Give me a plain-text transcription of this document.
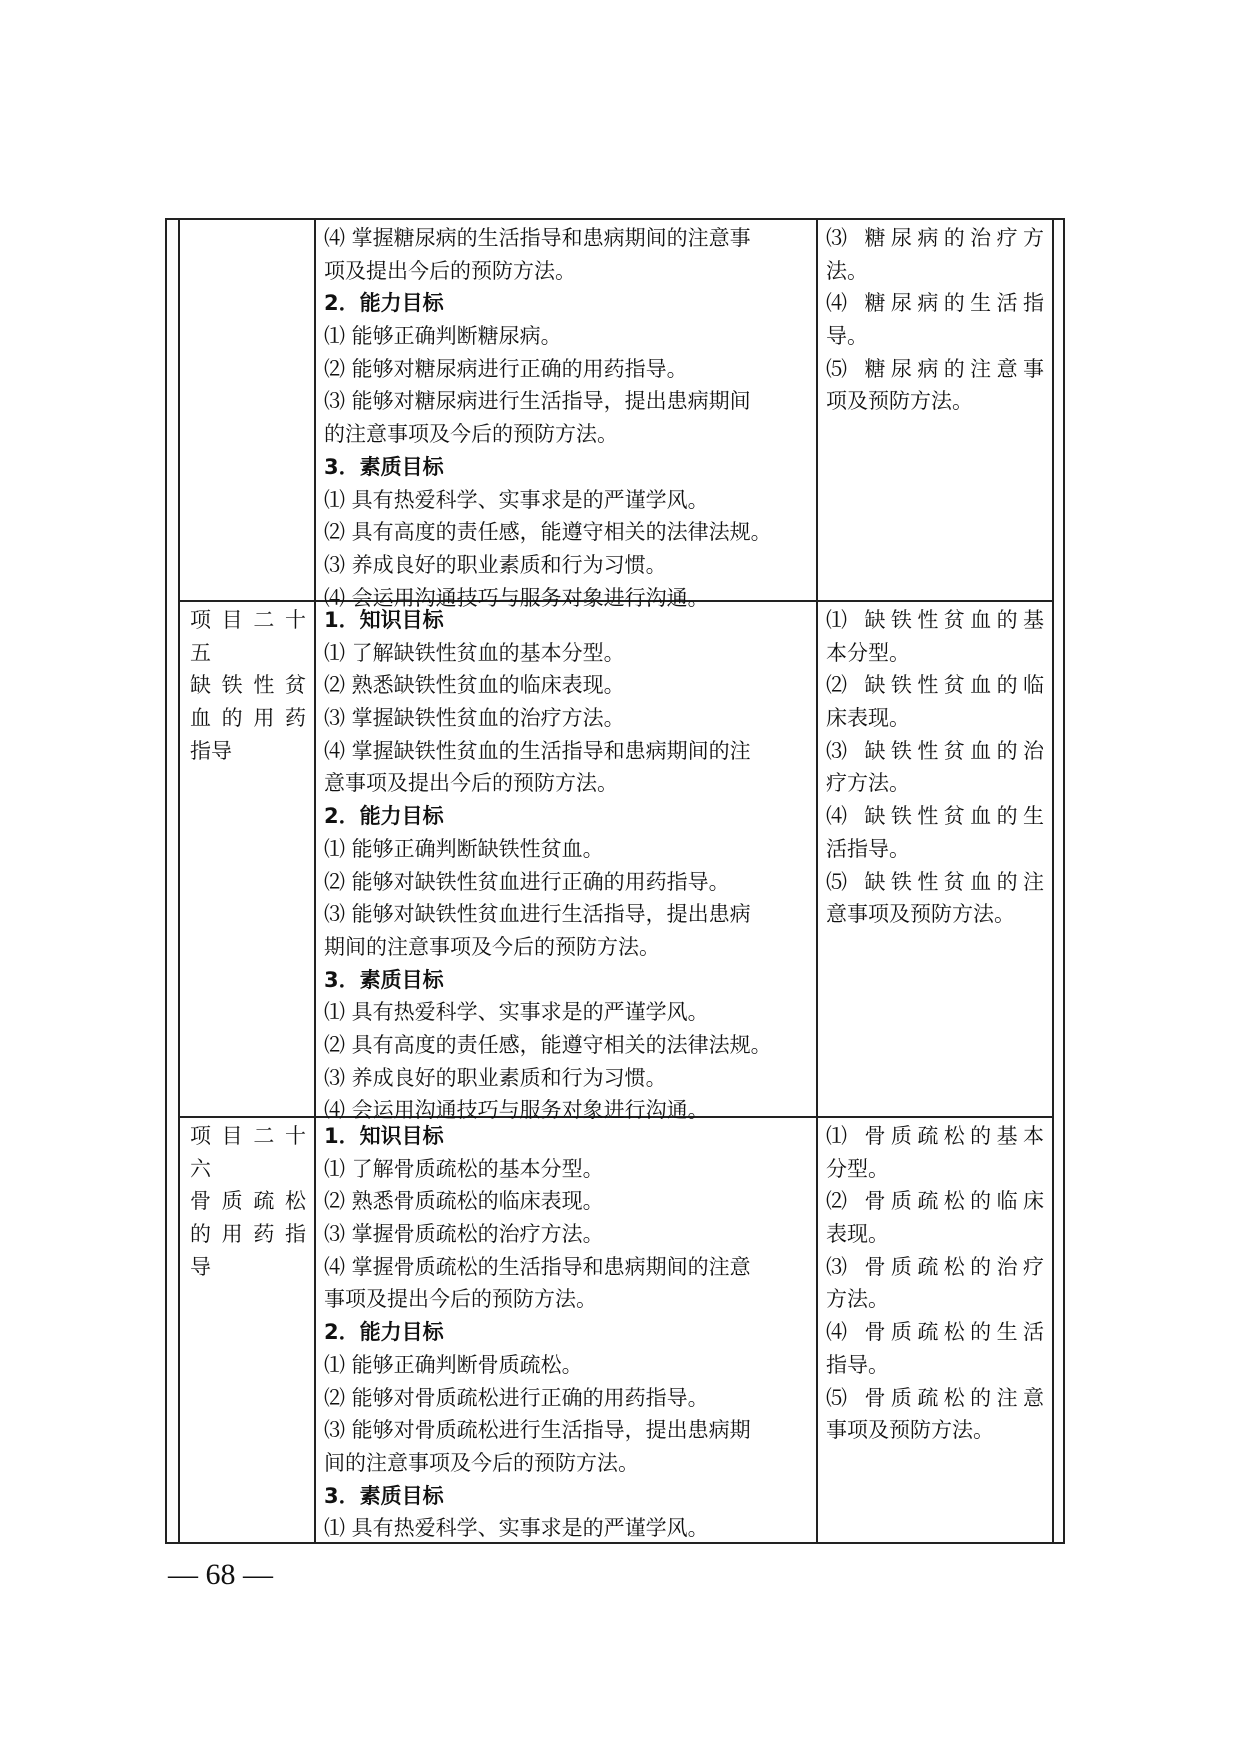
⑷ 掌握糖尿病的生活指导和患病期间的注意事
项及提出今后的预防方法。
2．能力目标
⑴ 能够正确判断糖尿病。
⑵ 能够对糖尿病进行正确的用药指导。
⑶ 能够对糖尿病进行生活指导，提出患病期间
的注意事项及今后的预防方法。
3．素质目标
⑴ 具有热爱科学、实事求是的严谨学风。
⑵ 具有高度的责任感，能遵守相关的法律法规。
⑶ 养成良好的职业素质和行为习惯。
⑷ 会运用沟通技巧与服务对象进行沟通。
⑶ 糖尿病的治疗方
法。
⑷ 糖尿病的生活指
导。
⑸ 糖尿病的注意事
项及预防方法。
项目二十
五
缺铁性贫
血的用药
指导
1．知识目标
⑴ 了解缺铁性贫血的基本分型。
⑵ 熟悉缺铁性贫血的临床表现。
⑶ 掌握缺铁性贫血的治疗方法。
⑷ 掌握缺铁性贫血的生活指导和患病期间的注
意事项及提出今后的预防方法。
2．能力目标
⑴ 能够正确判断缺铁性贫血。
⑵ 能够对缺铁性贫血进行正确的用药指导。
⑶ 能够对缺铁性贫血进行生活指导，提出患病
期间的注意事项及今后的预防方法。
3．素质目标
⑴ 具有热爱科学、实事求是的严谨学风。
⑵ 具有高度的责任感，能遵守相关的法律法规。
⑶ 养成良好的职业素质和行为习惯。
⑷ 会运用沟通技巧与服务对象进行沟通。
⑴ 缺铁性贫血的基
本分型。
⑵ 缺铁性贫血的临
床表现。
⑶ 缺铁性贫血的治
疗方法。
⑷ 缺铁性贫血的生
活指导。
⑸ 缺铁性贫血的注
意事项及预防方法。
项目二十
六
骨质疏松
的用药指
导
1．知识目标
⑴ 了解骨质疏松的基本分型。
⑵ 熟悉骨质疏松的临床表现。
⑶ 掌握骨质疏松的治疗方法。
⑷ 掌握骨质疏松的生活指导和患病期间的注意
事项及提出今后的预防方法。
2．能力目标
⑴ 能够正确判断骨质疏松。
⑵ 能够对骨质疏松进行正确的用药指导。
⑶ 能够对骨质疏松进行生活指导，提出患病期
间的注意事项及今后的预防方法。
3．素质目标
⑴ 具有热爱科学、实事求是的严谨学风。
⑴ 骨质疏松的基本
分型。
⑵ 骨质疏松的临床
表现。
⑶ 骨质疏松的治疗
方法。
⑷ 骨质疏松的生活
指导。
⑸ 骨质疏松的注意
事项及预防方法。
— 68 —
